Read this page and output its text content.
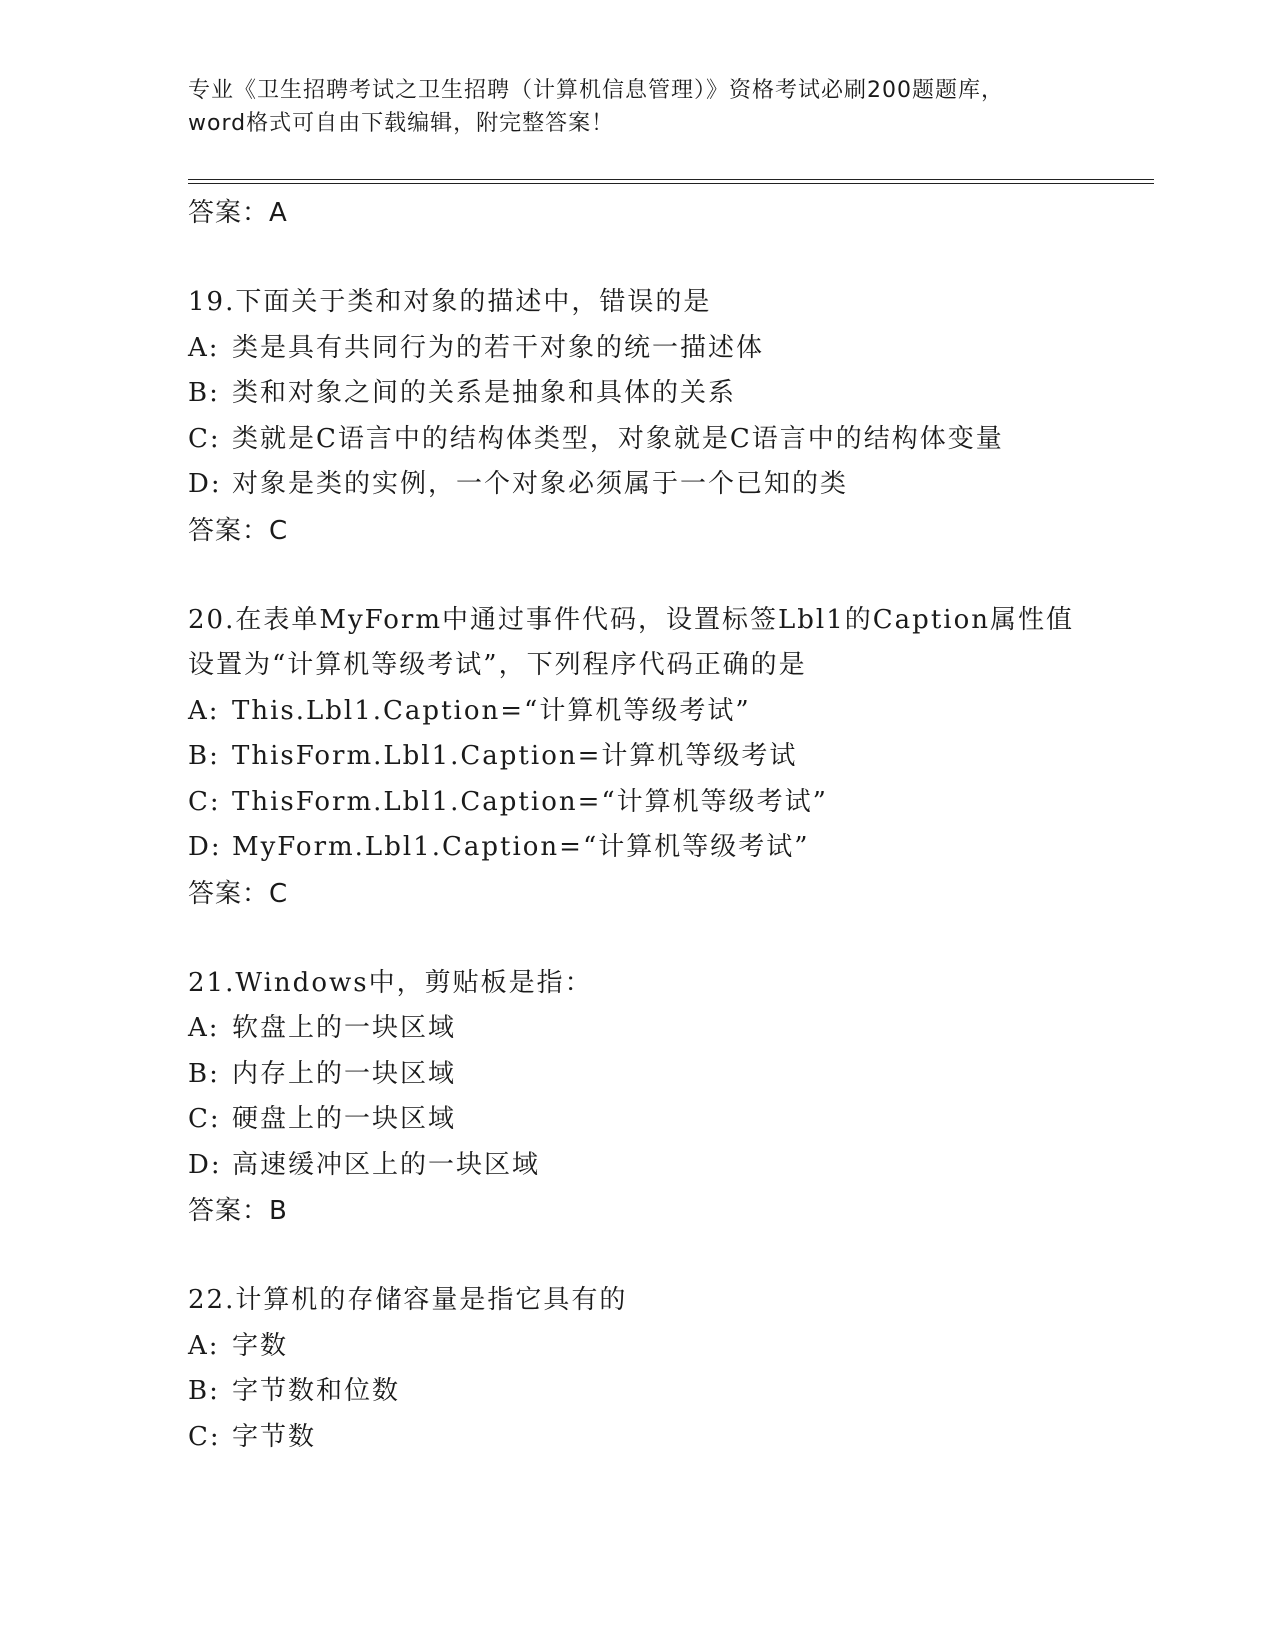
专业《卫生招聘考试之卫生招聘（计算机信息管理）》资格考试必刷200题题库，
word格式可自由下载编辑，附完整答案！
答案：A
19.下面关于类和对象的描述中，错误的是
A: 类是具有共同行为的若干对象的统一描述体
B: 类和对象之间的关系是抽象和具体的关系
C: 类就是C语言中的结构体类型，对象就是C语言中的结构体变量
D: 对象是类的实例，一个对象必须属于一个已知的类
答案：C
20.在表单MyForm中通过事件代码，设置标签Lbl1的Caption属性值
设置为“计算机等级考试”，下列程序代码正确的是
A: This.Lbl1.Caption=“计算机等级考试”
B: ThisForm.Lbl1.Caption=计算机等级考试
C: ThisForm.Lbl1.Caption=“计算机等级考试”
D: MyForm.Lbl1.Caption=“计算机等级考试”
答案：C
21.Windows中，剪贴板是指：
A: 软盘上的一块区域
B: 内存上的一块区域
C: 硬盘上的一块区域
D: 高速缓冲区上的一块区域
答案：B
22.计算机的存储容量是指它具有的
A: 字数
B: 字节数和位数
C: 字节数
